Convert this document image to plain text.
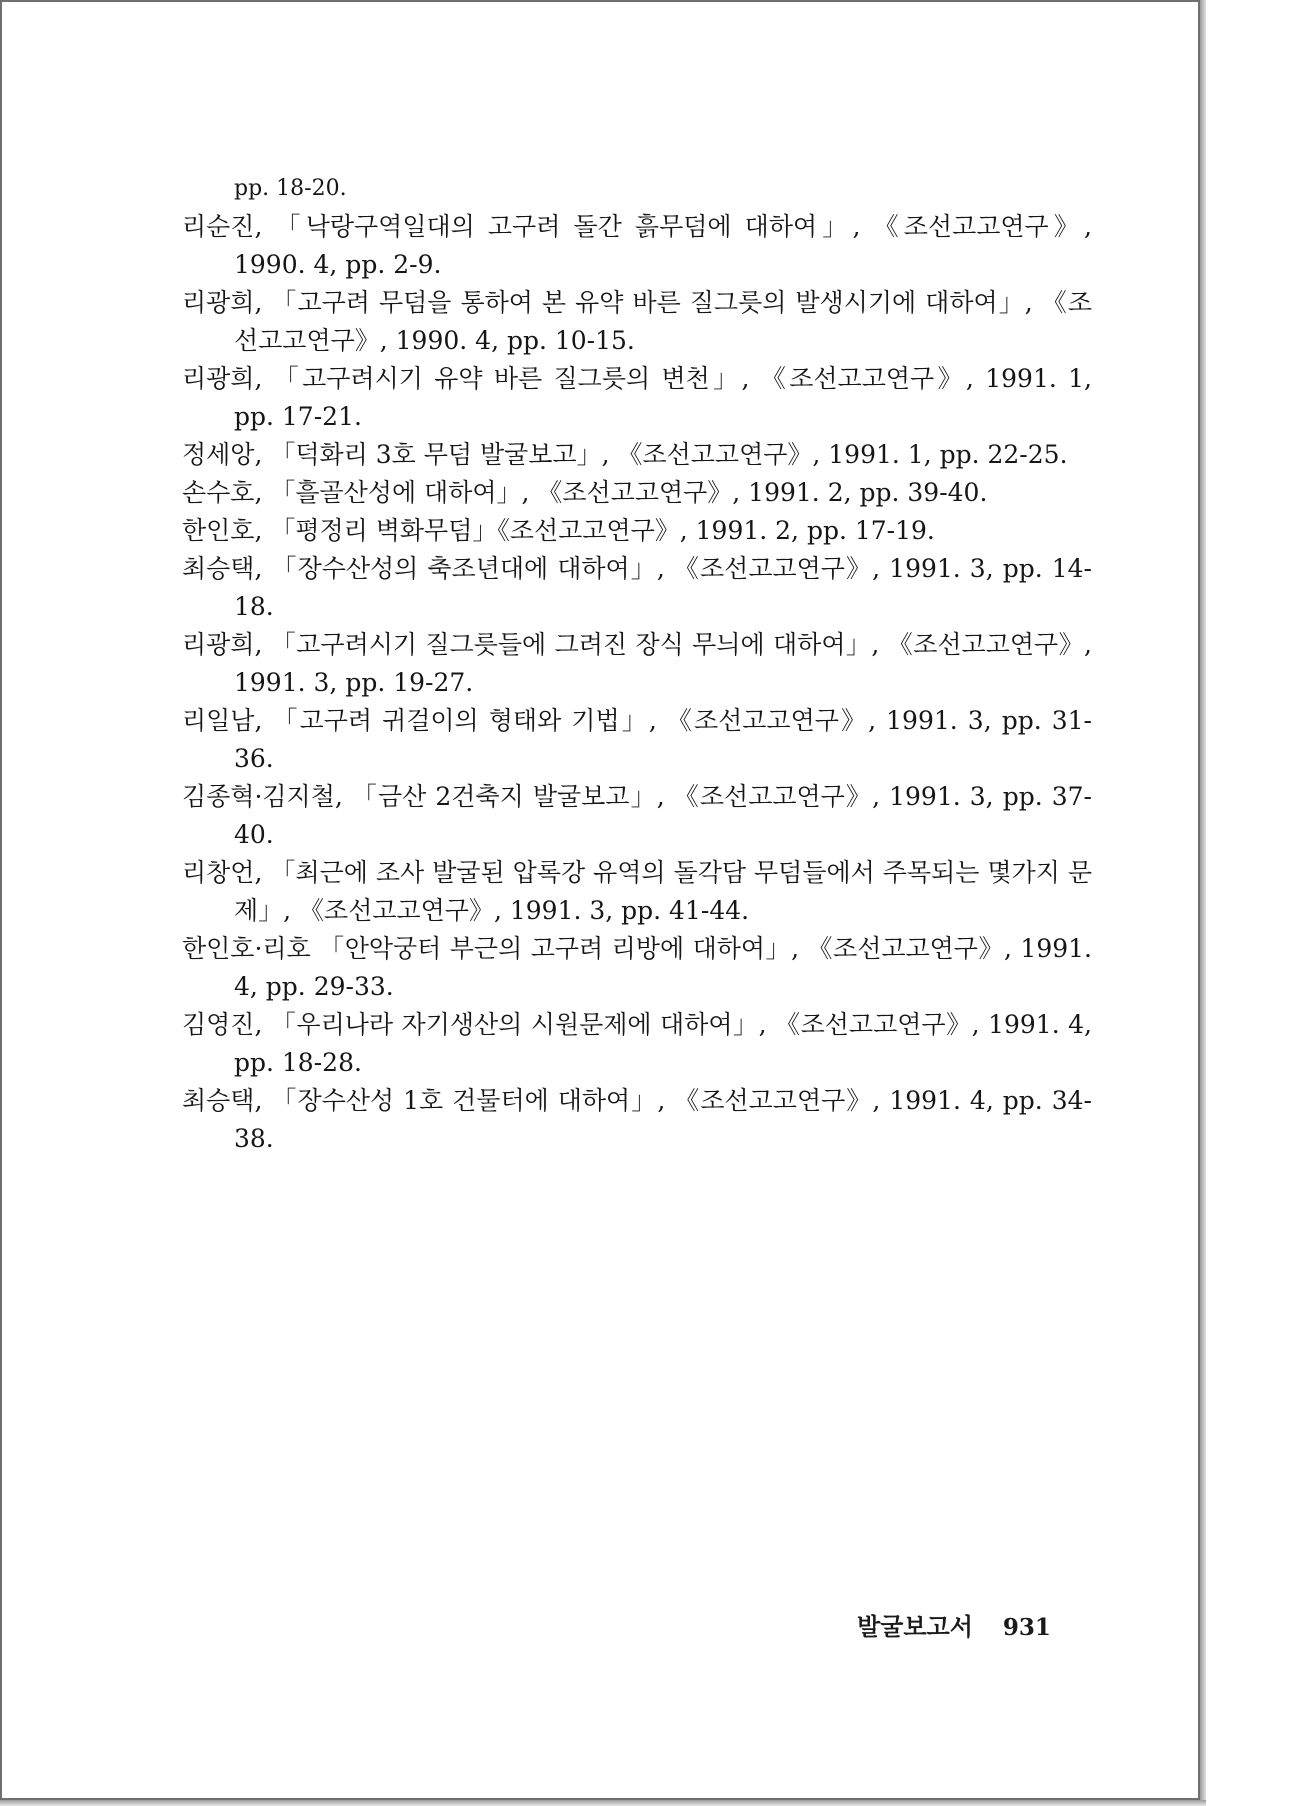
pp. 18-20.
리순진, 「낙랑구역일대의 고구려 돌간 흙무덤에 대하여」, 《조선고고연구》, 1990. 4, pp. 2-9.
리광희, 「고구려 무덤을 통하여 본 유약 바른 질그릇의 발생시기에 대하여」, 《조선고고연구》, 1990. 4, pp. 10-15.
리광희, 「고구려시기 유약 바른 질그릇의 변천」, 《조선고고연구》, 1991. 1, pp. 17-21.
정세앙, 「덕화리 3호 무덤 발굴보고」, 《조선고고연구》, 1991. 1, pp. 22-25.
손수호, 「흘골산성에 대하여」, 《조선고고연구》, 1991. 2, pp. 39-40.
한인호, 「평정리 벽화무덤」《조선고고연구》, 1991. 2, pp. 17-19.
최승택, 「장수산성의 축조년대에 대하여」, 《조선고고연구》, 1991. 3, pp. 14-18.
리광희, 「고구려시기 질그릇들에 그려진 장식 무늬에 대하여」, 《조선고고연구》, 1991. 3, pp. 19-27.
리일남, 「고구려 귀걸이의 형태와 기법」, 《조선고고연구》, 1991. 3, pp. 31-36.
김종혁·김지철, 「금산 2건축지 발굴보고」, 《조선고고연구》, 1991. 3, pp. 37-40.
리창언, 「최근에 조사 발굴된 압록강 유역의 돌각담 무덤들에서 주목되는 몇가지 문제」, 《조선고고연구》, 1991. 3, pp. 41-44.
한인호·리호 「안악궁터 부근의 고구려 리방에 대하여」, 《조선고고연구》, 1991. 4, pp. 29-33.
김영진, 「우리나라 자기생산의 시원문제에 대하여」, 《조선고고연구》, 1991. 4, pp. 18-28.
최승택, 「장수산성 1호 건물터에 대하여」, 《조선고고연구》, 1991. 4, pp. 34-38.
발굴보고서 931
